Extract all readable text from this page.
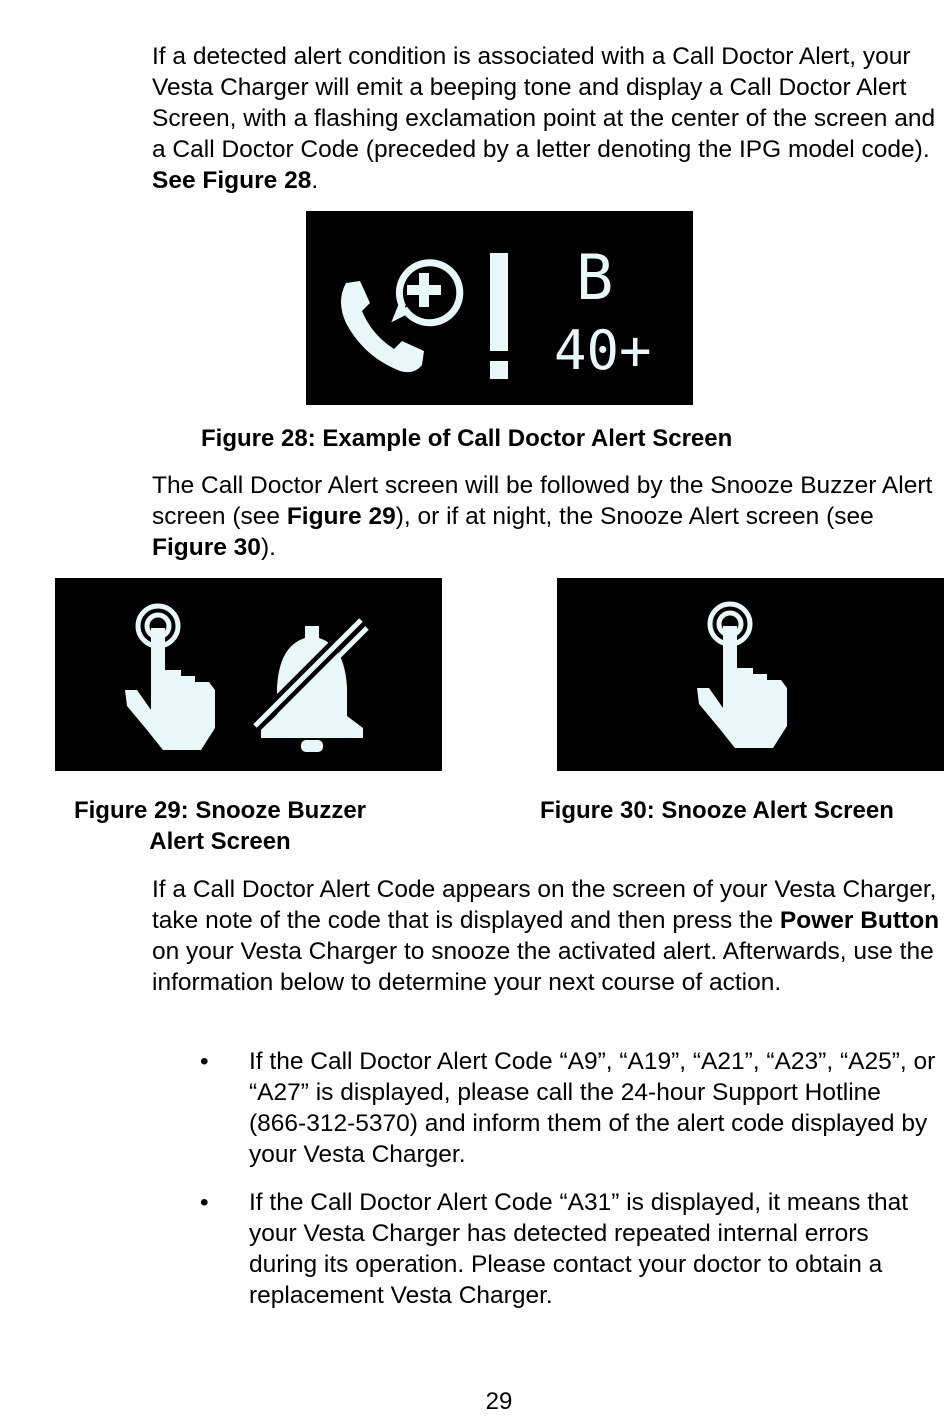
If a detected alert condition is associated with a Call Doctor Alert, your Vesta Charger will emit a beeping tone and display a Call Doctor Alert Screen, with a flashing exclamation point at the center of the screen and a Call Doctor Code (preceded by a letter denoting the IPG model code). See Figure 28.

B
40+

Figure 28: Example of Call Doctor Alert Screen

The Call Doctor Alert screen will be followed by the Snooze Buzzer Alert screen (see Figure 29), or if at night, the Snooze Alert screen (see Figure 30).

Figure 29: Snooze Buzzer
Alert Screen

Figure 30: Snooze Alert Screen

If a Call Doctor Alert Code appears on the screen of your Vesta Charger, take note of the code that is displayed and then press the Power Button on your Vesta Charger to snooze the activated alert. Afterwards, use the information below to determine your next course of action.

• If the Call Doctor Alert Code “A9”, “A19”, “A21”, “A23”, “A25”, or “A27” is displayed, please call the 24-hour Support Hotline (866-312-5370) and inform them of the alert code displayed by your Vesta Charger.
• If the Call Doctor Alert Code “A31” is displayed, it means that your Vesta Charger has detected repeated internal errors during its operation. Please contact your doctor to obtain a replacement Vesta Charger.
29
